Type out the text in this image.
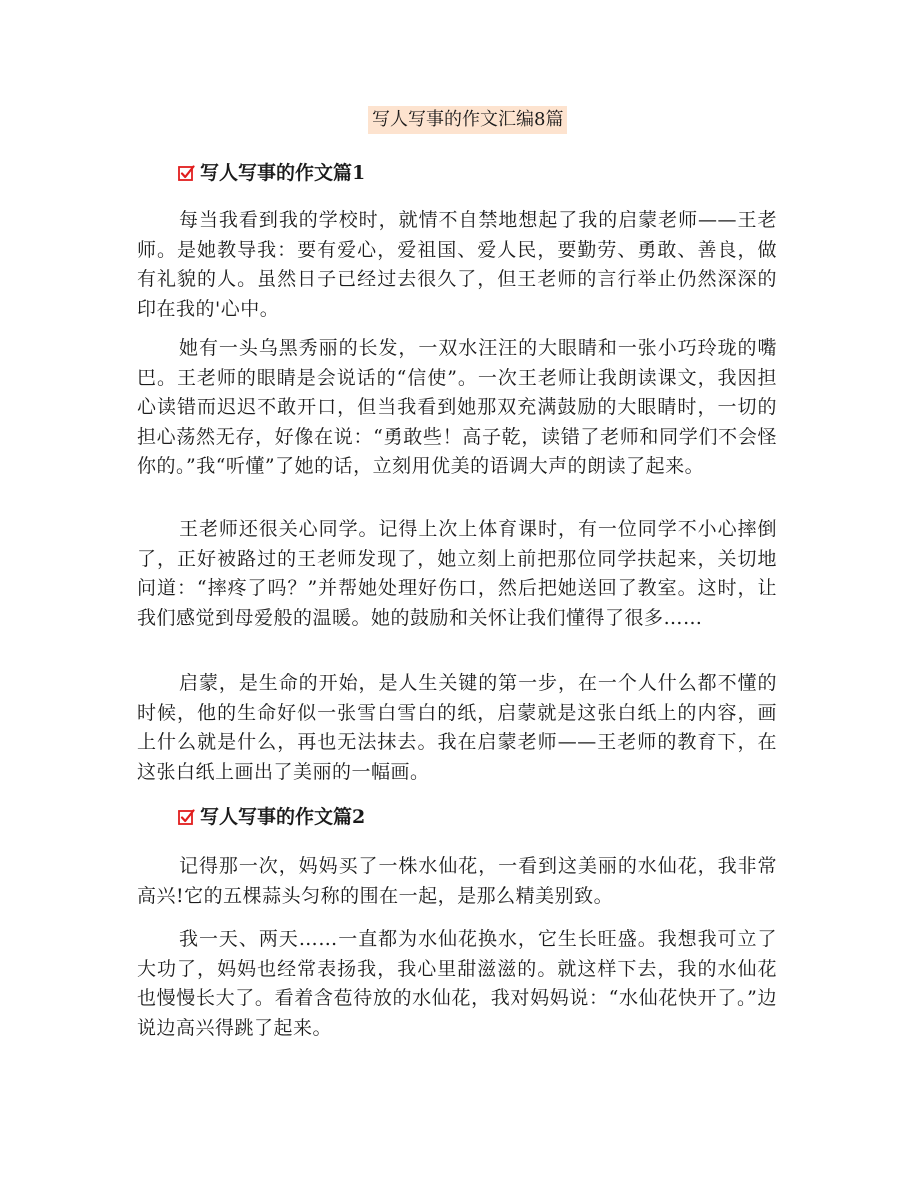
写人写事的作文汇编8篇
写人写事的作文篇1

每当我看到我的学校时，就情不自禁地想起了我的启蒙老师——王老师。是她教导我：要有爱心，爱祖国、爱人民，要勤劳、勇敢、善良，做有礼貌的人。虽然日子已经过去很久了，但王老师的言行举止仍然深深的印在我的'心中。

她有一头乌黑秀丽的长发，一双水汪汪的大眼睛和一张小巧玲珑的嘴巴。王老师的眼睛是会说话的“信使”。一次王老师让我朗读课文，我因担心读错而迟迟不敢开口，但当我看到她那双充满鼓励的大眼睛时，一切的担心荡然无存，好像在说：“勇敢些！高子乾，读错了老师和同学们不会怪你的。”我“听懂”了她的话，立刻用优美的语调大声的朗读了起来。

王老师还很关心同学。记得上次上体育课时，有一位同学不小心摔倒了，正好被路过的王老师发现了，她立刻上前把那位同学扶起来，关切地问道：“摔疼了吗？”并帮她处理好伤口，然后把她送回了教室。这时，让我们感觉到母爱般的温暖。她的鼓励和关怀让我们懂得了很多……

启蒙，是生命的开始，是人生关键的第一步，在一个人什么都不懂的时候，他的生命好似一张雪白雪白的纸，启蒙就是这张白纸上的内容，画上什么就是什么，再也无法抹去。我在启蒙老师——王老师的教育下，在这张白纸上画出了美丽的一幅画。

写人写事的作文篇2

记得那一次，妈妈买了一株水仙花，一看到这美丽的水仙花，我非常高兴!它的五棵蒜头匀称的围在一起，是那么精美别致。

我一天、两天……一直都为水仙花换水，它生长旺盛。我想我可立了大功了，妈妈也经常表扬我，我心里甜滋滋的。就这样下去，我的水仙花也慢慢长大了。看着含苞待放的水仙花，我对妈妈说：“水仙花快开了。”边说边高兴得跳了起来。
